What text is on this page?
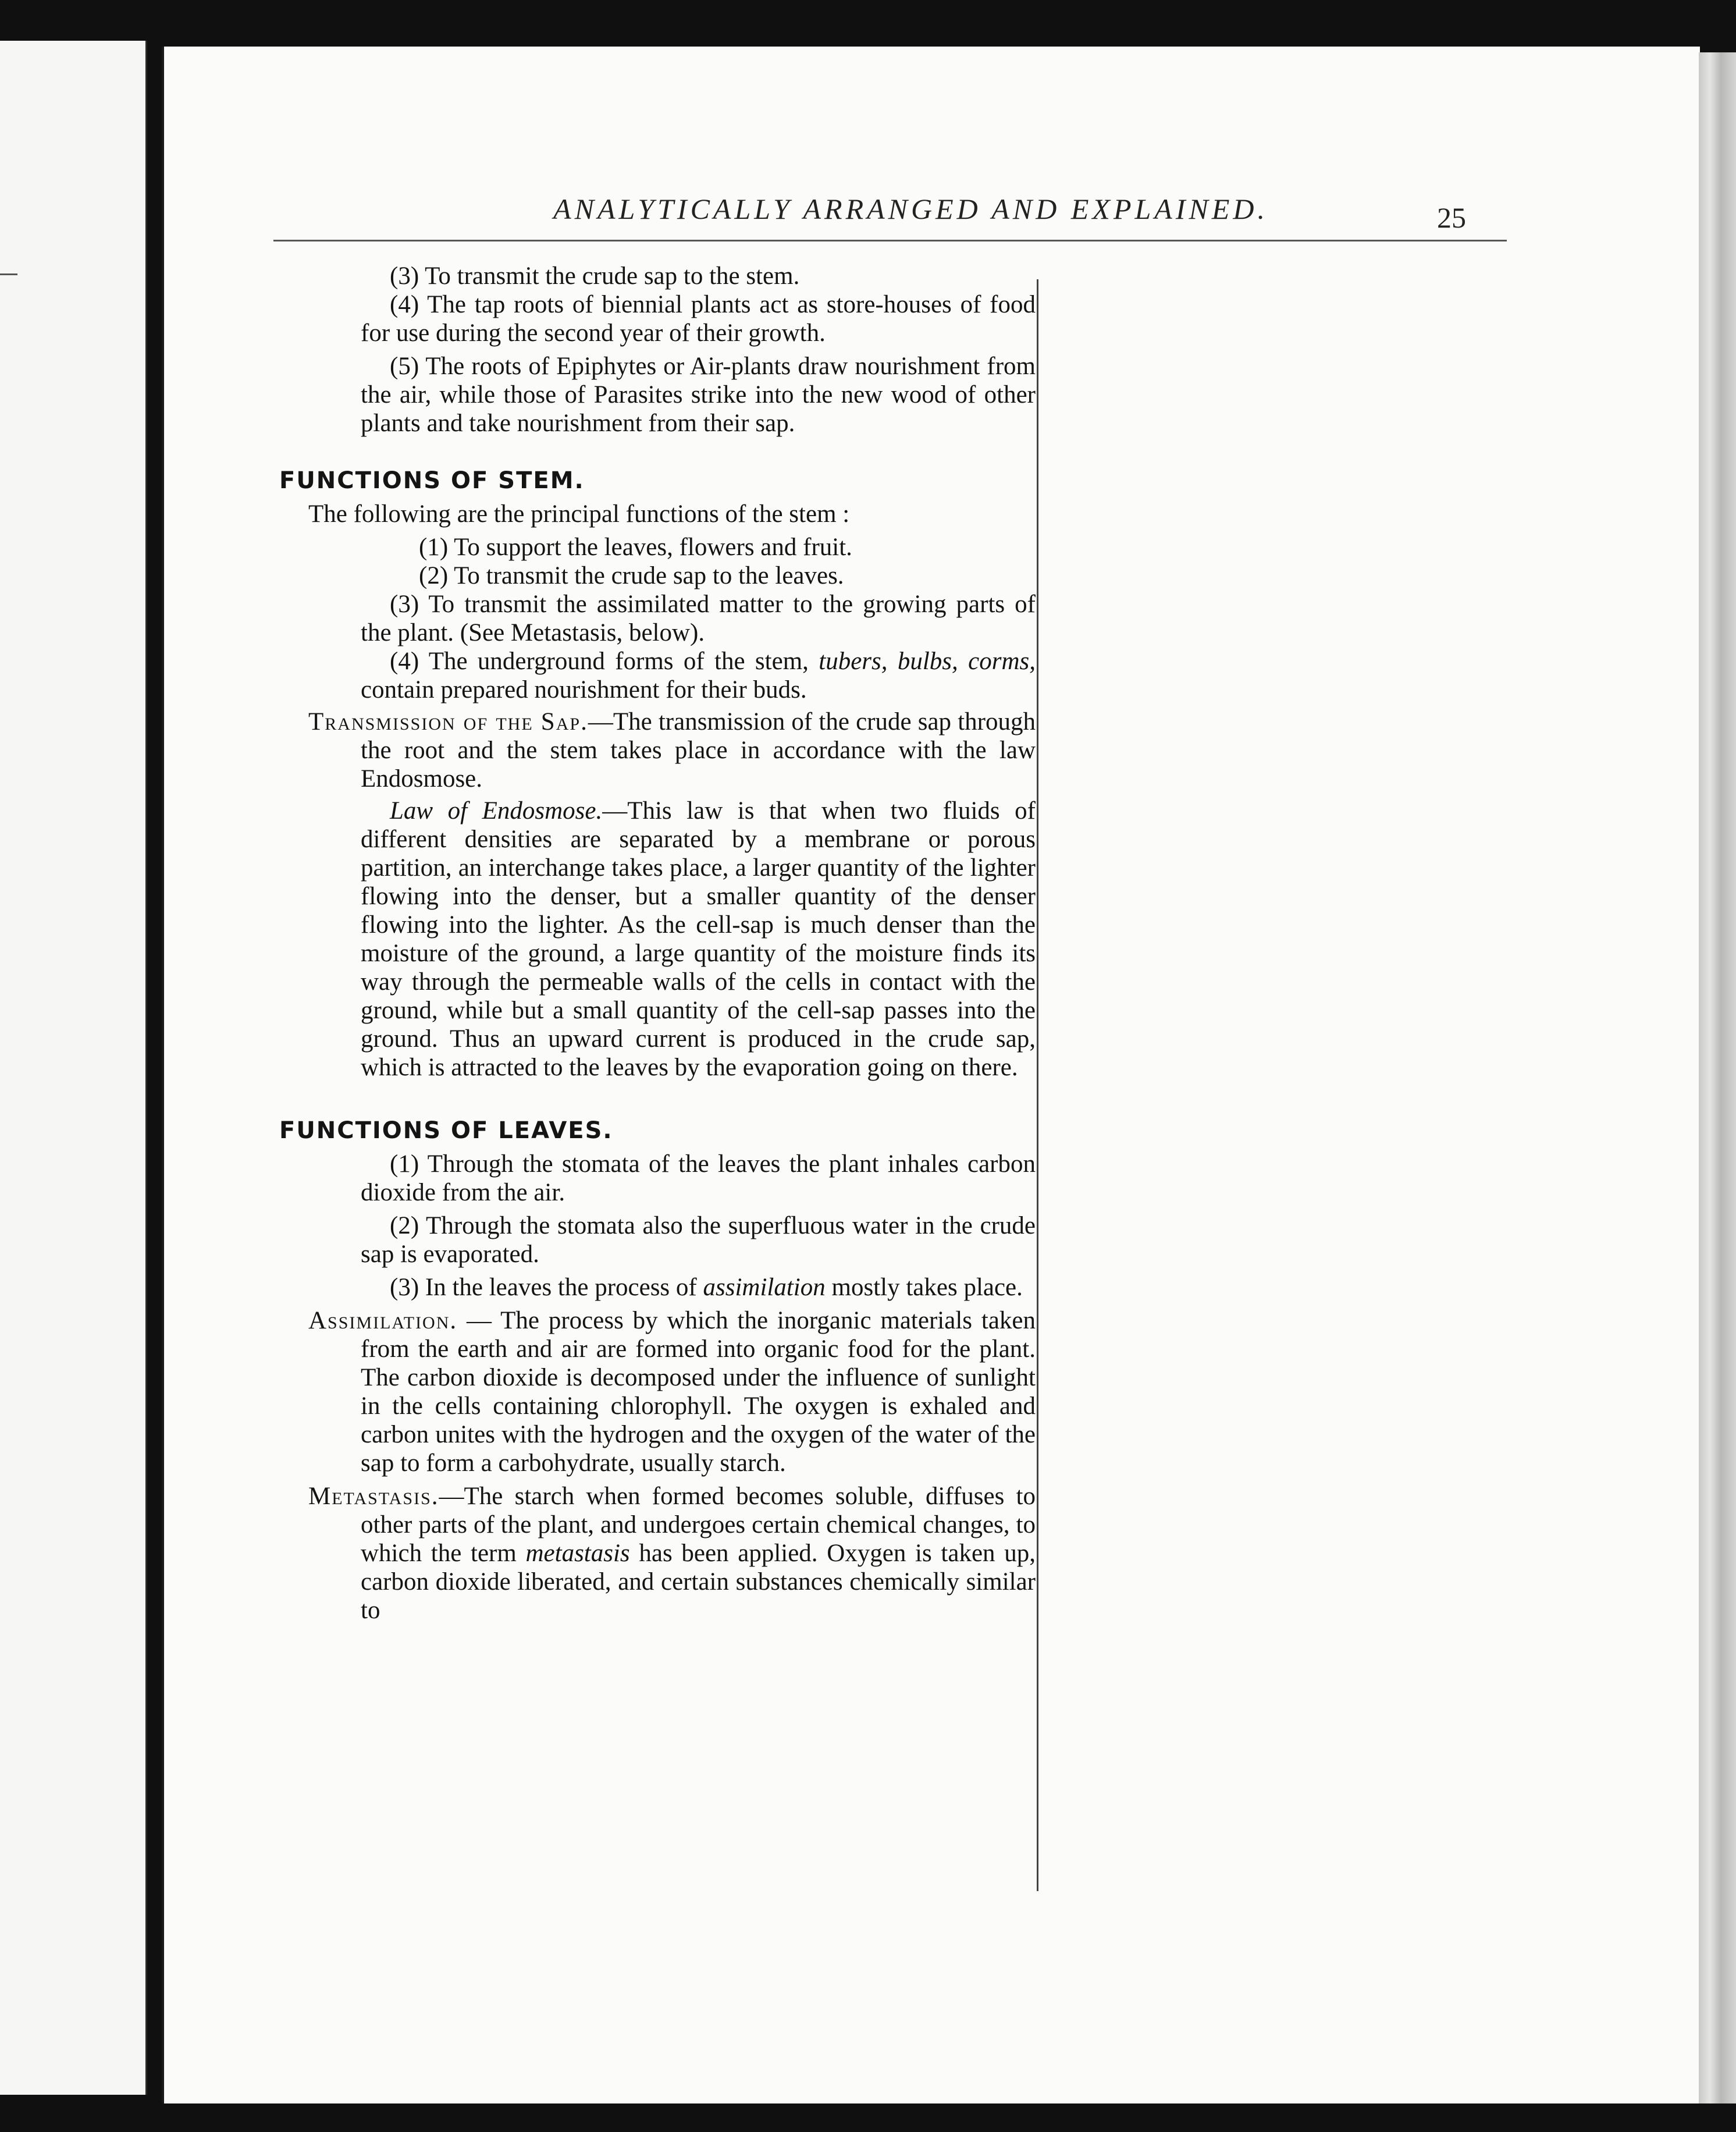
ANALYTICALLY ARRANGED AND EXPLAINED.	25

(3) To transmit the crude sap to the stem.

(4) The tap roots of biennial plants act as store-houses of food for use during the second year of their growth.

(5) The roots of Epiphytes or Air-plants draw nourishment from the air, while those of Parasites strike into the new wood of other plants and take nourishment from their sap.

FUNCTIONS OF STEM.

The following are the principal functions of the stem :

(1) To support the leaves, flowers and fruit.

(2) To transmit the crude sap to the leaves.

(3) To transmit the assimilated matter to the growing parts of the plant. (See Metastasis, below).

(4) The underground forms of the stem, tubers, bulbs, corms, contain prepared nourishment for their buds.

Transmission of the Sap.—The transmission of the crude sap through the root and the stem takes place in accordance with the law Endosmose.

Law of Endosmose.—This law is that when two fluids of different densities are separated by a membrane or porous partition, an interchange takes place, a larger quantity of the lighter flowing into the denser, but a smaller quantity of the denser flowing into the lighter. As the cell-sap is much denser than the moisture of the ground, a large quantity of the moisture finds its way through the permeable walls of the cells in contact with the ground, while but a small quantity of the cell-sap passes into the ground. Thus an upward current is produced in the crude sap, which is attracted to the leaves by the evaporation going on there.

FUNCTIONS OF LEAVES.

(1) Through the stomata of the leaves the plant inhales carbon dioxide from the air.

(2) Through the stomata also the superfluous water in the crude sap is evaporated.

(3) In the leaves the process of assimilation mostly takes place.

Assimilation. — The process by which the inorganic materials taken from the earth and air are formed into organic food for the plant. The carbon dioxide is decomposed under the influence of sunlight in the cells containing chlorophyll. The oxygen is exhaled and carbon unites with the hydrogen and the oxygen of the water of the sap to form a carbohydrate, usually starch.

Metastasis.—The starch when formed becomes soluble, diffuses to other parts of the plant, and undergoes certain chemical changes, to which the term metastasis has been applied. Oxygen is taken up, carbon dioxide liberated, and certain substances chemically similar to
